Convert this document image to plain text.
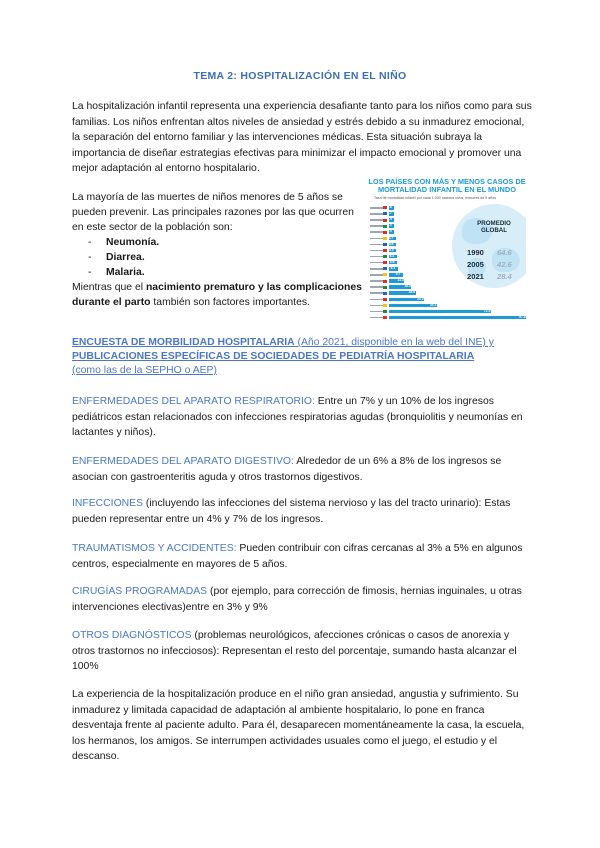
TEMA 2: HOSPITALIZACIÓN EN EL NIÑO

La hospitalización infantil representa una experiencia desafiante tanto para los niños como para sus familias. Los niños enfrentan altos niveles de ansiedad y estrés debido a su inmadurez emocional, la separación del entorno familiar y las intervenciones médicas. Esta situación subraya la importancia de diseñar estrategias efectivas para minimizar el impacto emocional y promover una mejor adaptación al entorno hospitalario.

La mayoría de las muertes de niños menores de 5 años se pueden prevenir. Las principales razones por las que ocurren en este sector de la población son:

- Neumonía.
- Diarrea.
- Malaria.

Mientras que el nacimiento prematuro y las complicaciones durante el parto también son factores importantes.

LOS PAÍSES CON MÁS Y MENOS CASOS DE MORTALIDAD INFANTIL EN EL MUNDO
Tasa de mortalidad infantil por cada 1.000 nacidos vivos, menores de 5 años
PROMEDIO GLOBAL
1990 64.6
2005 42.6
2021 28.4
1.6
1.7
1.8
2.0
3.0
4.7
4.8
5.0
5.4
5.6
6.1
9.7
11.0
16.0
18.9
25.0
34.1
72.5
97.6

ENCUESTA DE MORBILIDAD HOSPITALARIA (Año 2021, disponible en la web del INE) y

PUBLICACIONES ESPECÍFICAS DE SOCIEDADES DE PEDIATRÍA HOSPITALARIA

(como las de la SEPHO o AEP)

ENFERMEDADES DEL APARATO RESPIRATORIO: Entre un 7% y un 10% de los ingresos pediátricos estan relacionados con infecciones respiratorias agudas (bronquiolitis y neumonías en lactantes y niños).

ENFERMEDADES DEL APARATO DIGESTIVO: Alrededor de un 6% a 8% de los ingresos se asocian con gastroenteritis aguda y otros trastornos digestivos.

INFECCIONES (incluyendo las infecciones del sistema nervioso y las del tracto urinario): Estas pueden representar entre un 4% y 7% de los ingresos.

TRAUMATISMOS Y ACCIDENTES: Pueden contribuir con cifras cercanas al 3% a 5% en algunos centros, especialmente en mayores de 5 años.

CIRUGÍAS PROGRAMADAS (por ejemplo, para corrección de fimosis, hernias inguinales, u otras intervenciones electivas)entre en 3% y 9%

OTROS DIAGNÓSTICOS (problemas neurológicos, afecciones crónicas o casos de anorexia y otros trastornos no infecciosos): Representan el resto del porcentaje, sumando hasta alcanzar el 100%

La experiencia de la hospitalización produce en el niño gran ansiedad, angustia y sufrimiento. Su inmadurez y limitada capacidad de adaptación al ambiente hospitalario, lo pone en franca desventaja frente al paciente adulto. Para él, desaparecen momentáneamente la casa, la escuela, los hermanos, los amigos. Se interrumpen actividades usuales como el juego, el estudio y el descanso.
